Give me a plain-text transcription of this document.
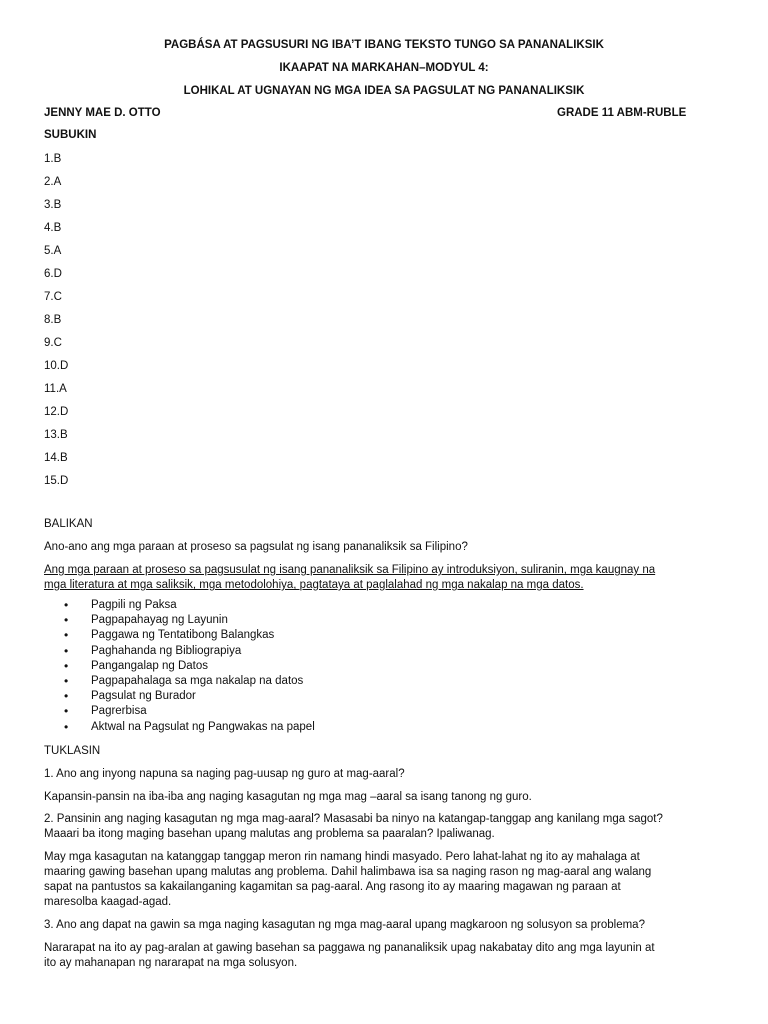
PAGBÁSA AT PAGSUSURI NG IBA’T IBANG TEKSTO TUNGO SA PANANALIKSIK
IKAAPAT NA MARKAHAN–MODYUL 4:
LOHIKAL AT UGNAYAN NG MGA IDEA SA PAGSULAT NG PANANALIKSIK
JENNY MAE D. OTTO	GRADE 11 ABM-RUBLE
SUBUKIN
1.B
2.A
3.B
4.B
5.A
6.D
7.C
8.B
9.C
10.D
11.A
12.D
13.B
14.B
15.D
BALIKAN
Ano-ano ang mga paraan at proseso sa pagsulat ng isang pananaliksik sa Filipino?
Ang mga paraan at proseso sa pagsusulat ng isang pananaliksik sa Filipino ay introduksiyon, suliranin, mga kaugnay na
mga literatura at mga saliksik, mga metodolohiya, pagtataya at paglalahad ng mga nakalap na mga datos.
• Pagpili ng Paksa
• Pagpapahayag ng Layunin
• Paggawa ng Tentatibong Balangkas
• Paghahanda ng Bibliograpiya
• Pangangalap ng Datos
• Pagpapahalaga sa mga nakalap na datos
• Pagsulat ng Burador
• Pagrerbisa
• Aktwal na Pagsulat ng Pangwakas na papel
TUKLASIN
1. Ano ang inyong napuna sa naging pag-uusap ng guro at mag-aaral?
Kapansin-pansin na iba-iba ang naging kasagutan ng mga mag –aaral sa isang tanong ng guro.
2. Pansinin ang naging kasagutan ng mga mag-aaral? Masasabi ba ninyo na katangap-tanggap ang kanilang mga sagot?
Maaari ba itong maging basehan upang malutas ang problema sa paaralan? Ipaliwanag.
May mga kasagutan na katanggap tanggap meron rin namang hindi masyado. Pero lahat-lahat ng ito ay mahalaga at
maaring gawing basehan upang malutas ang problema. Dahil halimbawa isa sa naging rason ng mag-aaral ang walang
sapat na pantustos sa kakailanganing kagamitan sa pag-aaral. Ang rasong ito ay maaring magawan ng paraan at
maresolba kaagad-agad.
3. Ano ang dapat na gawin sa mga naging kasagutan ng mga mag-aaral upang magkaroon ng solusyon sa problema?
Nararapat na ito ay pag-aralan at gawing basehan sa paggawa ng pananaliksik upag nakabatay dito ang mga layunin at
ito ay mahanapan ng nararapat na mga solusyon.
